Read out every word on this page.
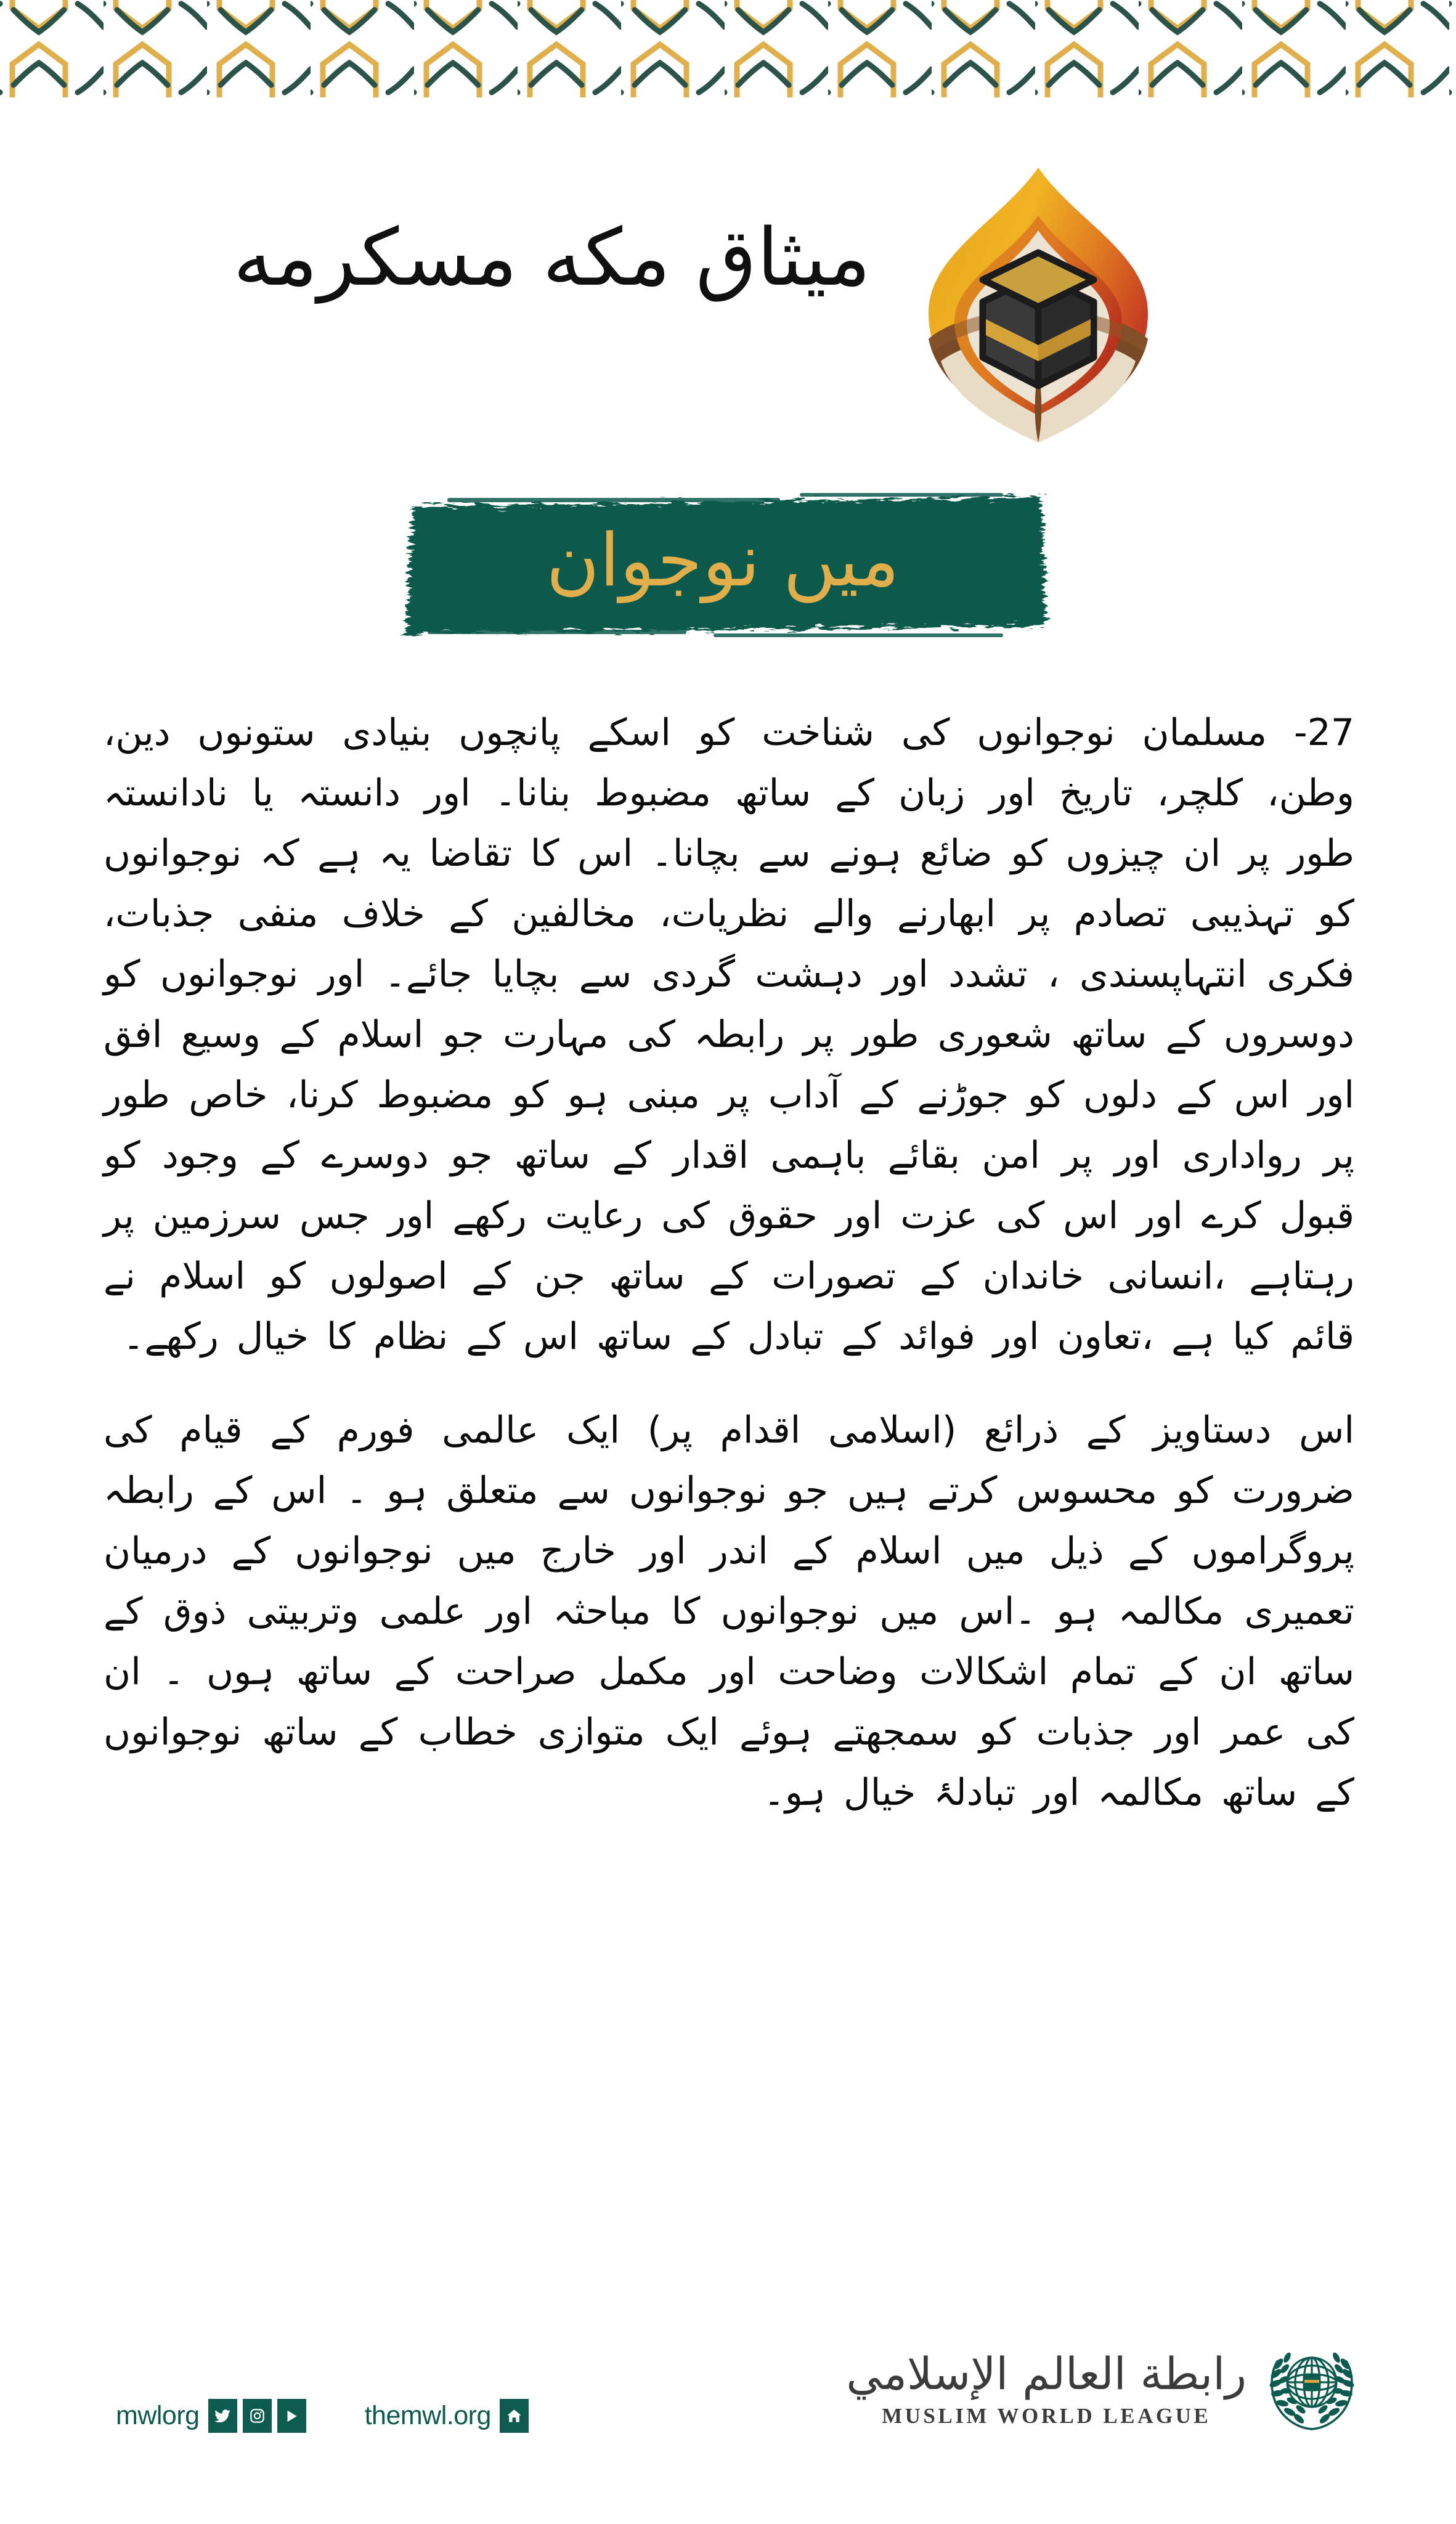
ميثاق مكه مسكرمه
ميں نوجوان

27- مسلمان نوجوانوں کی شناخت کو اسکے پانچوں بنیادی ستونوں دین، وطن، کلچر، تاریخ اور زبان کے ساتھ مضبوط بنانا۔ اور دانستہ یا نادانستہ طور پر ان چیزوں کو ضائع ہونے سے بچانا۔ اس کا تقاضا یہ ہے کہ نوجوانوں کو تہذیبی تصادم پر ابھارنے والے نظریات، مخالفین کے خلاف منفی جذبات، فکری انتہاپسندی ، تشدد اور دہشت گردی سے بچایا جائے۔ اور نوجوانوں کو دوسروں کے ساتھ شعوری طور پر رابطہ کی مہارت جو اسلام کے وسیع افق اور اس کے دلوں کو جوڑنے کے آداب پر مبنی ہو کو مضبوط کرنا، خاص طور پر رواداری اور پر امن بقائے باہمی اقدار کے ساتھ جو دوسرے کے وجود کو قبول کرے اور اس کی عزت اور حقوق کی رعایت رکھے اور جس سرزمین پر رہتاہے ،انسانی خاندان کے تصورات کے ساتھ جن کے اصولوں کو اسلام نے قائم کیا ہے ،تعاون اور فوائد کے تبادل کے ساتھ اس کے نظام کا خیال رکھے۔

اس دستاویز کے ذرائع (اسلامی اقدام پر) ایک عالمی فورم کے قیام کی ضرورت کو محسوس کرتے ہیں جو نوجوانوں سے متعلق ہو ۔ اس کے رابطہ پروگراموں کے ذیل میں اسلام کے اندر اور خارج میں نوجوانوں کے درمیان تعمیری مکالمہ ہو ۔اس میں نوجوانوں کا مباحثہ اور علمی وتربیتی ذوق کے ساتھ ان کے تمام اشکالات وضاحت اور مکمل صراحت کے ساتھ ہوں ۔ ان کی عمر اور جذبات کو سمجھتے ہوئے ایک متوازی خطاب کے ساتھ نوجوانوں کے ساتھ مکالمہ اور تبادلۂ خیال ہو۔

themwl.org
mwlorg
رابطة العالم الإسلامي
MUSLIM WORLD LEAGUE
